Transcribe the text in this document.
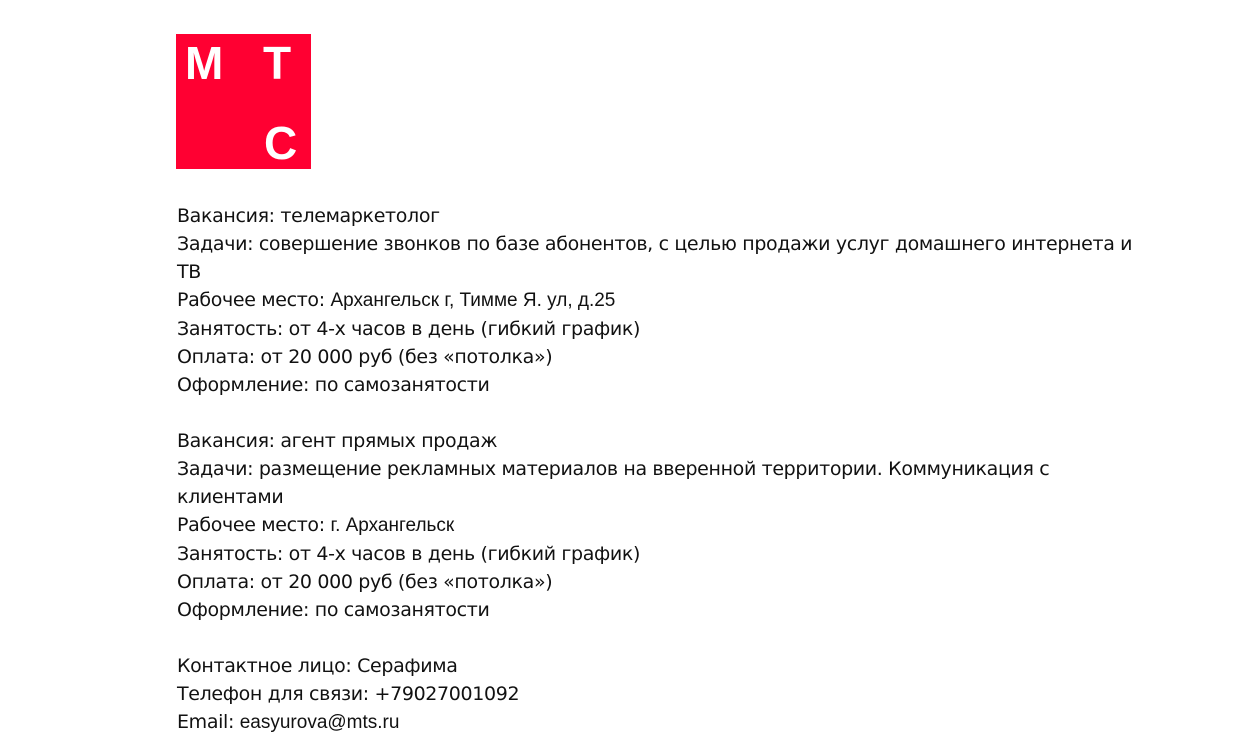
М Т
С
Вакансия: телемаркетолог
Задачи: совершение звонков по базе абонентов, с целью продажи услуг домашнего интернета и ТВ
Рабочее место: Архангельск г, Тимме Я. ул, д.25
Занятость: от 4-х часов в день (гибкий график)
Оплата: от 20 000 руб (без «потолка»)
Оформление: по самозанятости
Вакансия: агент прямых продаж
Задачи: размещение рекламных материалов на вверенной территории. Коммуникация с клиентами
Рабочее место: г. Архангельск
Занятость: от 4-х часов в день (гибкий график)
Оплата: от 20 000 руб (без «потолка»)
Оформление: по самозанятости
Контактное лицо: Серафима
Телефон для связи: +79027001092
Email: easyurova@mts.ru
